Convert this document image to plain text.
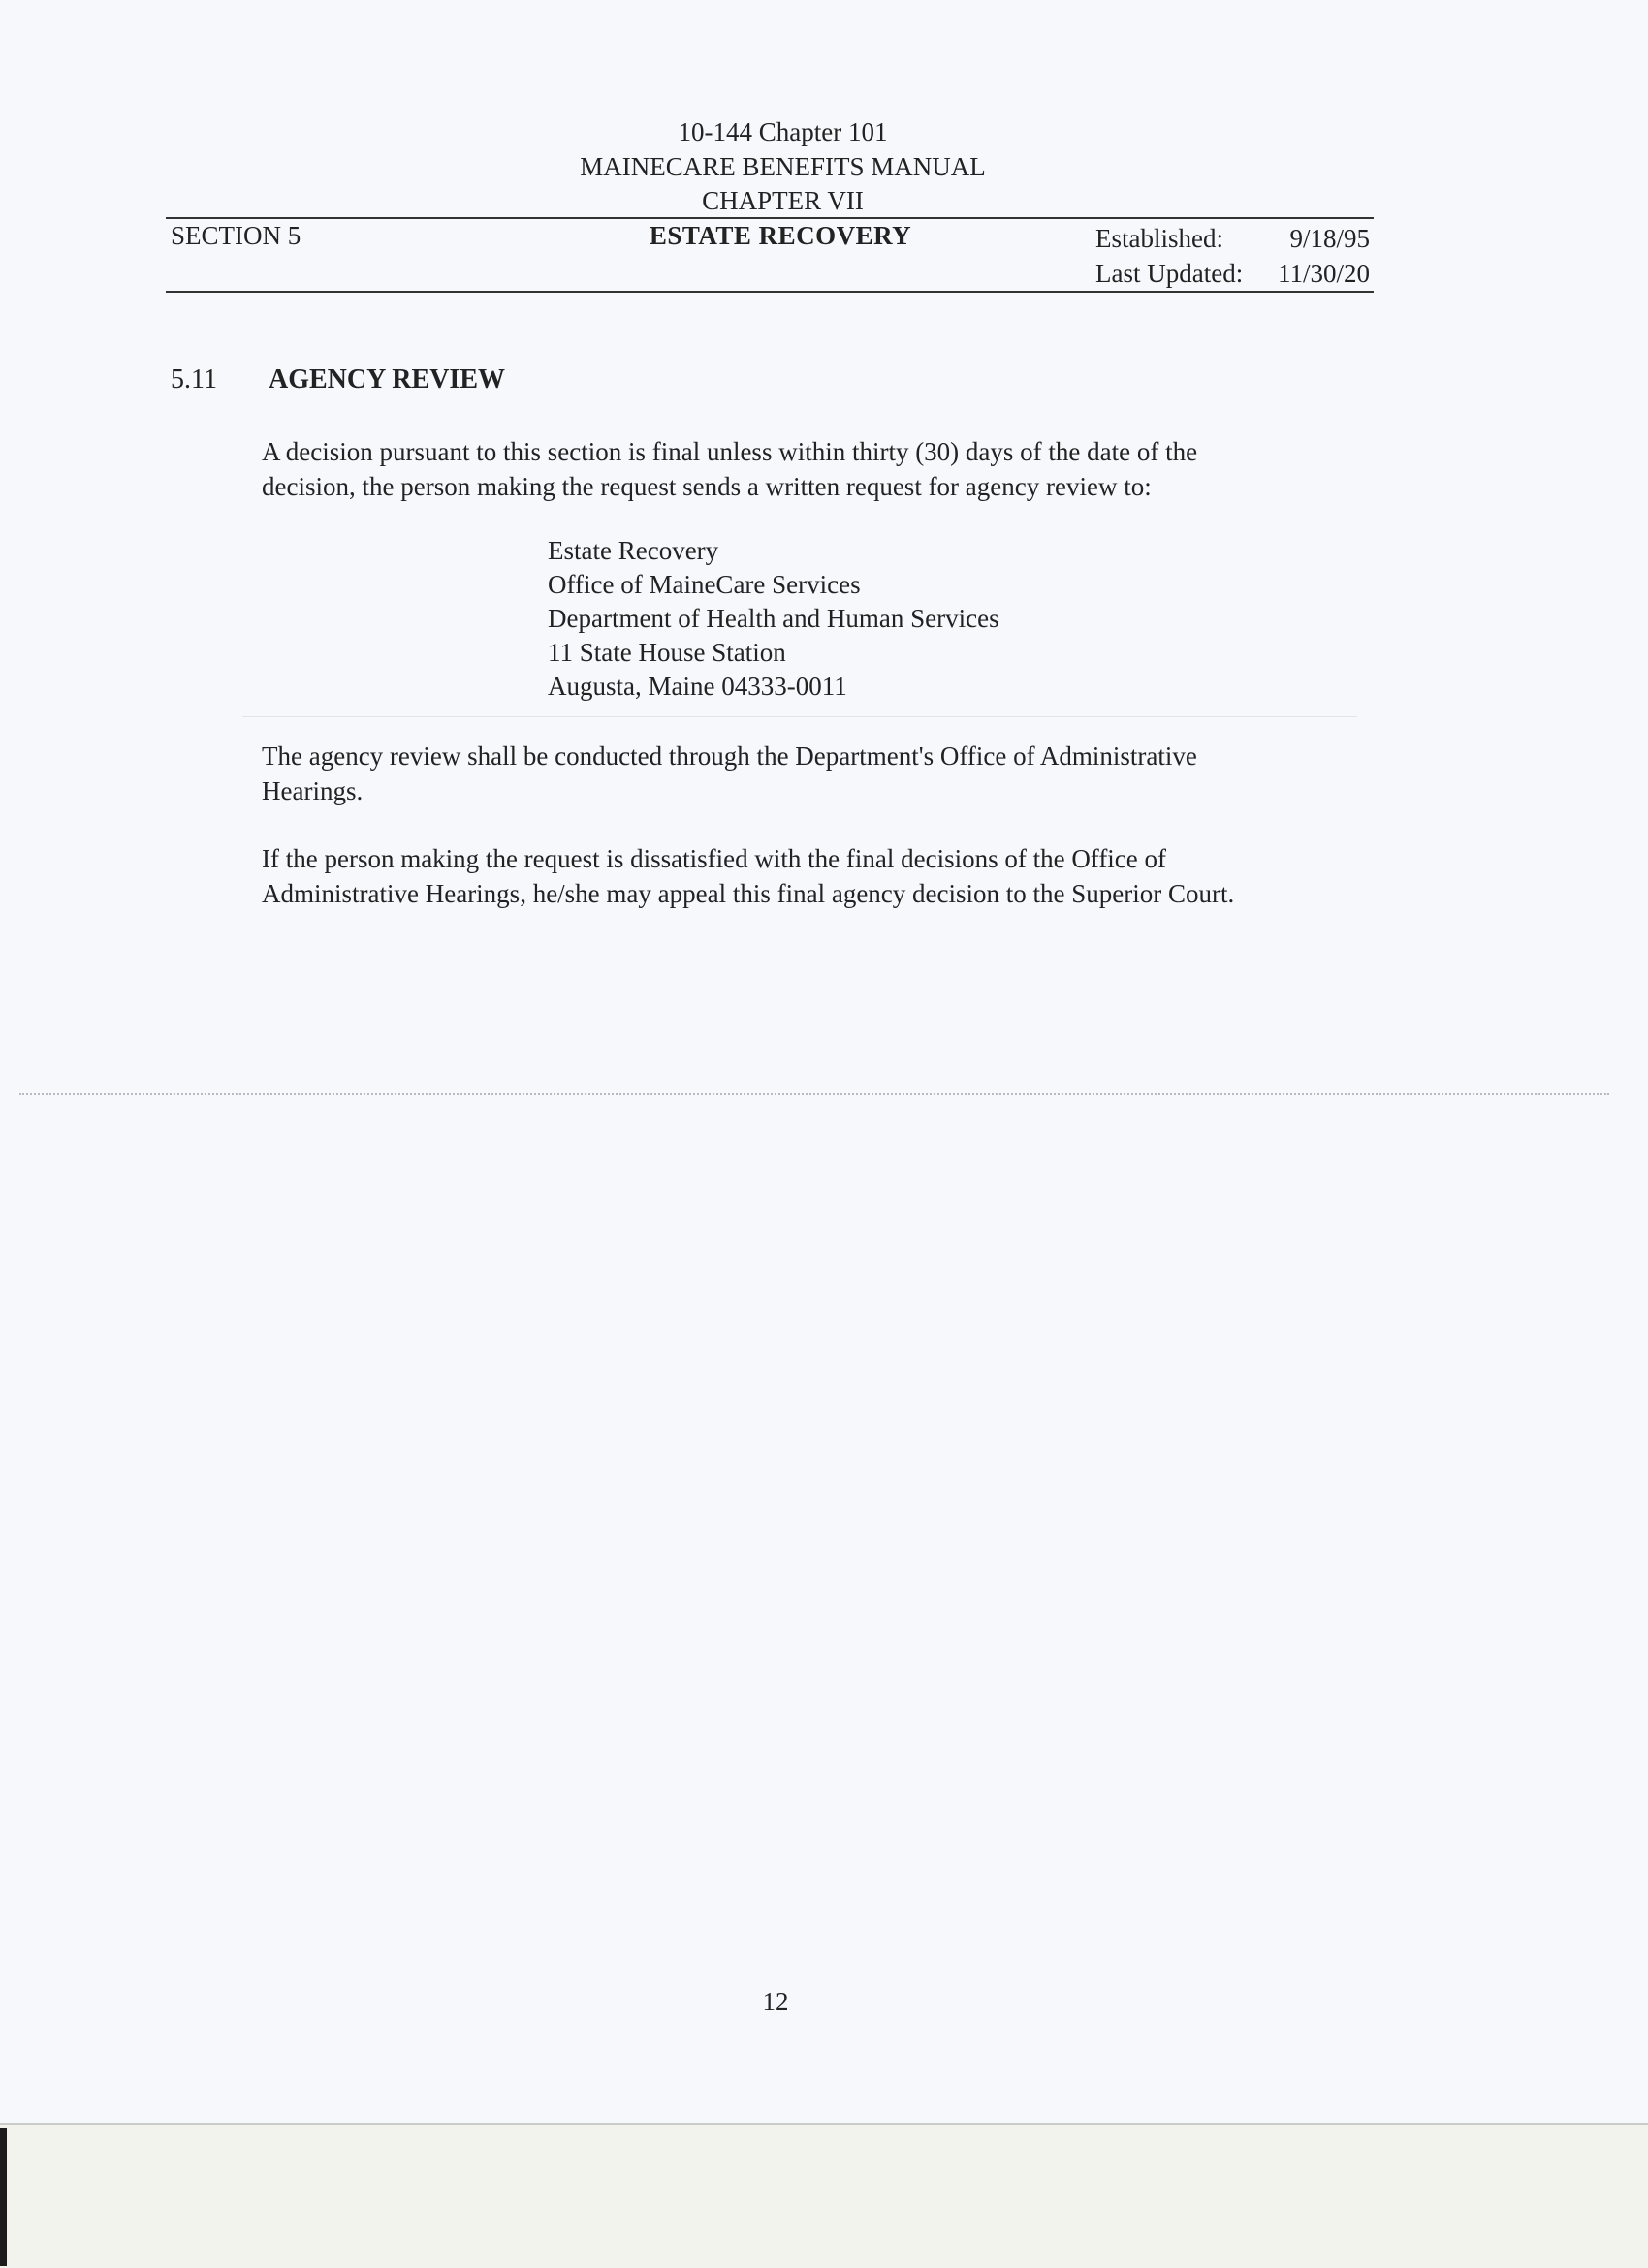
10-144 Chapter 101
MAINECARE BENEFITS MANUAL
CHAPTER VII
SECTION 5	ESTATE RECOVERY	Established:	9/18/95
Last Updated: 11/30/20
5.11 AGENCY REVIEW
A decision pursuant to this section is final unless within thirty (30) days of the date of the
decision, the person making the request sends a written request for agency review to:
Estate Recovery
Office of MaineCare Services
Department of Health and Human Services
11 State House Station
Augusta, Maine 04333-0011
The agency review shall be conducted through the Department's Office of Administrative
Hearings.
If the person making the request is dissatisfied with the final decisions of the Office of
Administrative Hearings, he/she may appeal this final agency decision to the Superior Court.
12
